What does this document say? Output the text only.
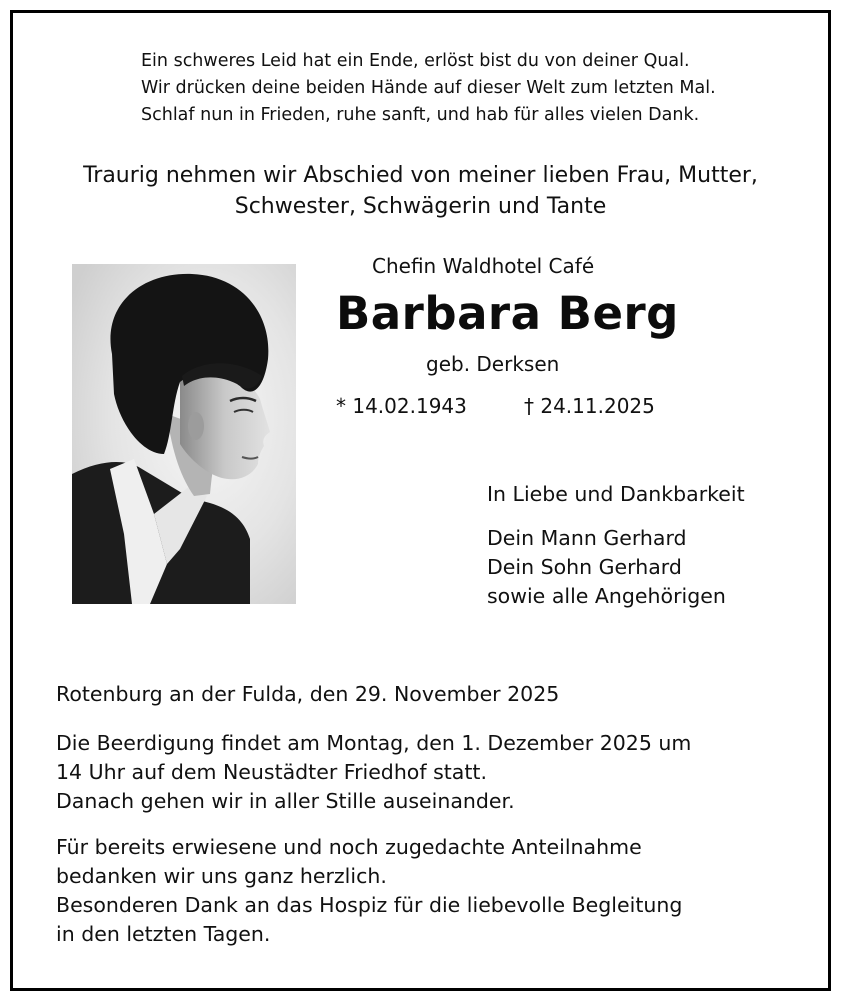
Ein schweres Leid hat ein Ende, erlöst bist du von deiner Qual.
Wir drücken deine beiden Hände auf dieser Welt zum letzten Mal.
Schlaf nun in Frieden, ruhe sanft, und hab für alles vielen Dank.
Traurig nehmen wir Abschied von meiner lieben Frau, Mutter,
Schwester, Schwägerin und Tante
Chefin Waldhotel Café
Barbara Berg
geb. Derksen
* 14.02.1943	† 24.11.2025
In Liebe und Dankbarkeit
Dein Mann Gerhard
Dein Sohn Gerhard
sowie alle Angehörigen
Rotenburg an der Fulda, den 29. November 2025
Die Beerdigung findet am Montag, den 1. Dezember 2025 um
14 Uhr auf dem Neustädter Friedhof statt.
Danach gehen wir in aller Stille auseinander.
Für bereits erwiesene und noch zugedachte Anteilnahme
bedanken wir uns ganz herzlich.
Besonderen Dank an das Hospiz für die liebevolle Begleitung
in den letzten Tagen.
